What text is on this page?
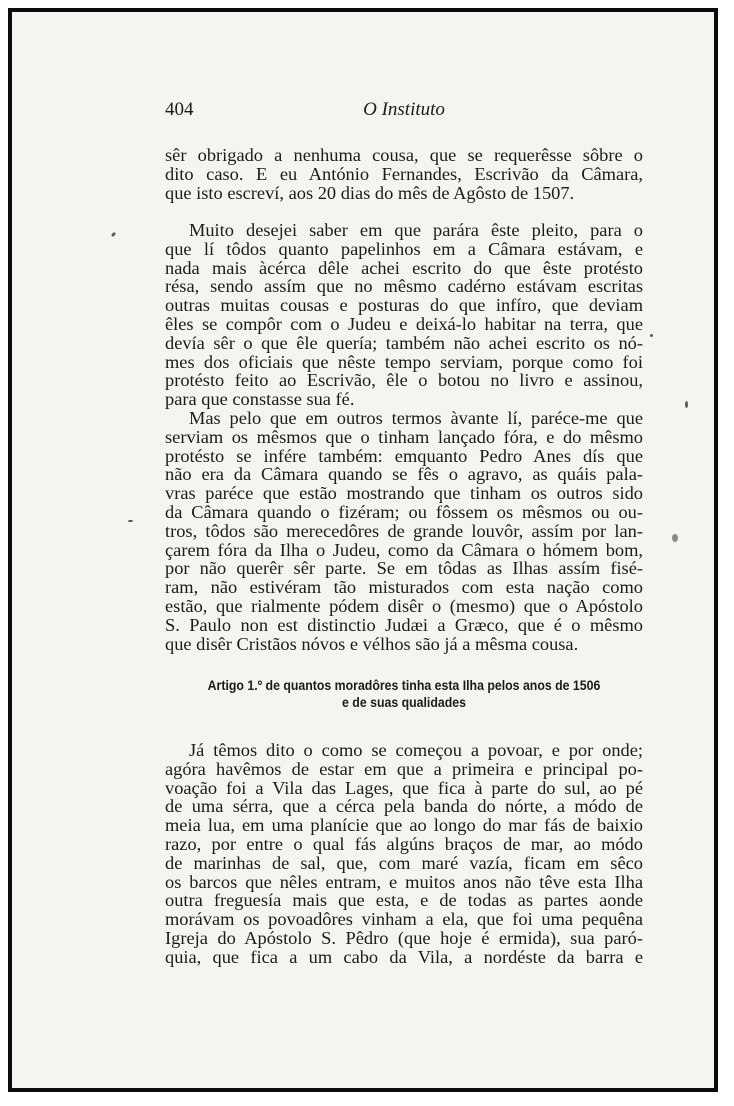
404	O Instituto
sêr obrigado a nenhuma cousa, que se requerêsse sôbre o
dito caso. E eu António Fernandes, Escrivão da Câmara,
que isto escreví, aos 20 dias do mês de Agôsto de 1507.
Muito desejei saber em que parára êste pleito, para o
que lí tôdos quanto papelinhos em a Câmara estávam, e
nada mais àcérca dêle achei escrito do que êste protésto
résa, sendo assím que no mêsmo cadérno estávam escritas
outras muitas cousas e posturas do que infíro, que deviam
êles se compôr com o Judeu e deixá-lo habitar na terra, que
devía sêr o que êle quería; também não achei escrito os nó-
mes dos oficiais que nêste tempo serviam, porque como foi
protésto feito ao Escrivão, êle o botou no livro e assinou,
para que constasse sua fé.
Mas pelo que em outros termos àvante lí, paréce-me que
serviam os mêsmos que o tinham lançado fóra, e do mêsmo
protésto se infére também: emquanto Pedro Anes dís que
não era da Câmara quando se fês o agravo, as quáis pala-
vras paréce que estão mostrando que tinham os outros sido
da Câmara quando o fizéram; ou fôssem os mêsmos ou ou-
tros, tôdos são merecedôres de grande louvôr, assím por lan-
çarem fóra da Ilha o Judeu, como da Câmara o hómem bom,
por não querêr sêr parte. Se em tôdas as Ilhas assím fisé-
ram, não estivéram tão misturados com esta nação como
estão, que rialmente pódem disêr o (mesmo) que o Apóstolo
S. Paulo non est distinctio Judæi a Græco, que é o mêsmo
que disêr Cristãos nóvos e vélhos são já a mêsma cousa.
Artigo 1.º de quantos moradôres tinha esta Ilha pelos anos de 1506
e de suas qualidades
Já têmos dito o como se começou a povoar, e por onde;
agóra havêmos de estar em que a primeira e principal po-
voação foi a Vila das Lages, que fica à parte do sul, ao pé
de uma sérra, que a cérca pela banda do nórte, a módo de
meia lua, em uma planície que ao longo do mar fás de baixio
razo, por entre o qual fás algúns braços de mar, ao módo
de marinhas de sal, que, com maré vazía, ficam em sêco
os barcos que nêles entram, e muitos anos não têve esta Ilha
outra freguesía mais que esta, e de todas as partes aonde
morávam os povoadôres vinham a ela, que foi uma pequêna
Igreja do Apóstolo S. Pêdro (que hoje é ermida), sua paró-
quia, que fica a um cabo da Vila, a nordéste da barra e
